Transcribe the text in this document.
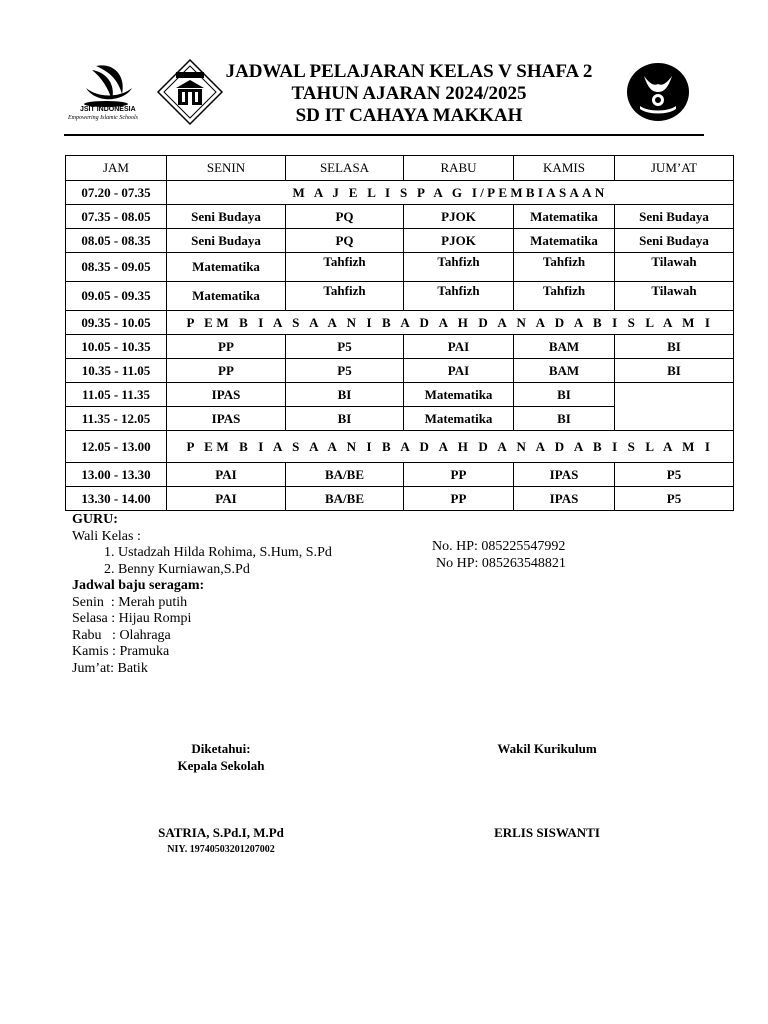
JSIT INDONESIA
Empowering Islamic Schools
JADWAL PELAJARAN KELAS V SHAFA 2
TAHUN AJARAN 2024/2025
SD IT CAHAYA MAKKAH
JAM	SENIN	SELASA	RABU	KAMIS	JUM’AT
07.20 - 07.35	M A J E L I S P A G I/PEMBIASAAN				
07.35 - 08.05	Seni Budaya	PQ	PJOK	Matematika	Seni Budaya
08.05 - 08.35	Seni Budaya	PQ	PJOK	Matematika	Seni Budaya
08.35 - 09.05	Matematika	Tahfizh	Tahfizh	Tahfizh	Tilawah
09.05 - 09.35	Matematika	Tahfizh	Tahfizh	Tahfizh	Tilawah
09.35 - 10.05	P EM B I A S A A N I B A D A H D A N A D A B I S L A M I				
10.05 - 10.35	PP	P5	PAI	BAM	BI
10.35 - 11.05	PP	P5	PAI	BAM	BI
11.05 - 11.35	IPAS	BI	Matematika	BI	
11.35 - 12.05	IPAS	BI	Matematika	BI	
12.05 - 13.00	P EM B I A S A A N I B A D A H D A N A D A B I S L A M I				
13.00 - 13.30	PAI	BA/BE	PP	IPAS	P5
13.30 - 14.00	PAI	BA/BE	PP	IPAS	P5
GURU:
Wali Kelas :
1. Ustadzah Hilda Rohima, S.Hum, S.Pd
2. Benny Kurniawan,S.Pd
Jadwal baju seragam:
Senin  : Merah putih
Selasa : Hijau Rompi
Rabu   : Olahraga
Kamis : Pramuka
Jum’at: Batik
No. HP: 085225547992
No HP: 085263548821
Diketahui:
Kepala Sekolah
SATRIA, S.Pd.I, M.Pd
NIY. 19740503201207002
Wakil Kurikulum
ERLIS SISWANTI
